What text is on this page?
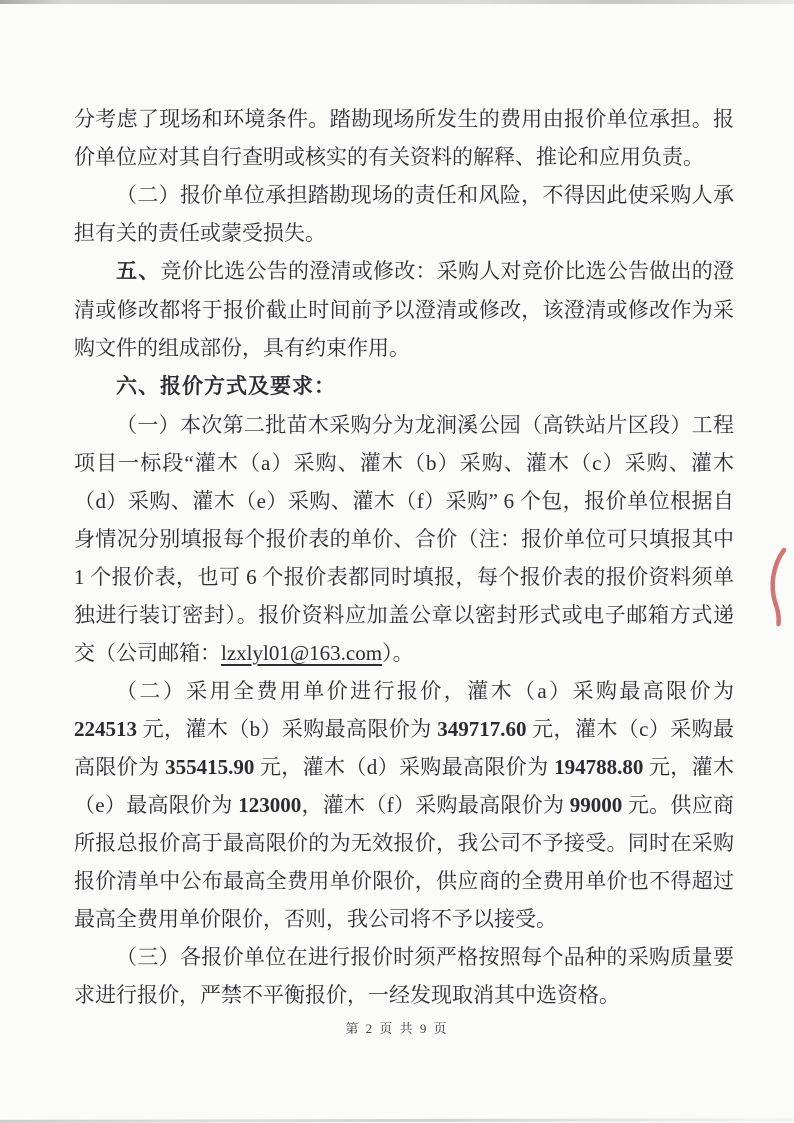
分考虑了现场和环境条件。踏勘现场所发生的费用由报价单位承担。报价单位应对其自行查明或核实的有关资料的解释、推论和应用负责。

（二）报价单位承担踏勘现场的责任和风险，不得因此使采购人承担有关的责任或蒙受损失。

五、竞价比选公告的澄清或修改：采购人对竞价比选公告做出的澄清或修改都将于报价截止时间前予以澄清或修改，该澄清或修改作为采购文件的组成部份，具有约束作用。

六、报价方式及要求：

（一）本次第二批苗木采购分为龙涧溪公园（高铁站片区段）工程项目一标段“灌木（a）采购、灌木（b）采购、灌木（c）采购、灌木（d）采购、灌木（e）采购、灌木（f）采购” 6 个包，报价单位根据自身情况分别填报每个报价表的单价、合价（注：报价单位可只填报其中 1 个报价表，也可 6 个报价表都同时填报，每个报价表的报价资料须单独进行装订密封）。报价资料应加盖公章以密封形式或电子邮箱方式递交（公司邮箱：lzxlyl01@163.com）。

（二）采用全费用单价进行报价，灌木（a）采购最高限价为 224513 元，灌木（b）采购最高限价为 349717.60 元，灌木（c）采购最高限价为 355415.90 元，灌木（d）采购最高限价为 194788.80 元，灌木（e）最高限价为 123000，灌木（f）采购最高限价为 99000 元。供应商所报总报价高于最高限价的为无效报价，我公司不予接受。同时在采购报价清单中公布最高全费用单价限价，供应商的全费用单价也不得超过最高全费用单价限价，否则，我公司将不予以接受。

（三）各报价单位在进行报价时须严格按照每个品种的采购质量要求进行报价，严禁不平衡报价，一经发现取消其中选资格。

第 2 页 共 9 页
